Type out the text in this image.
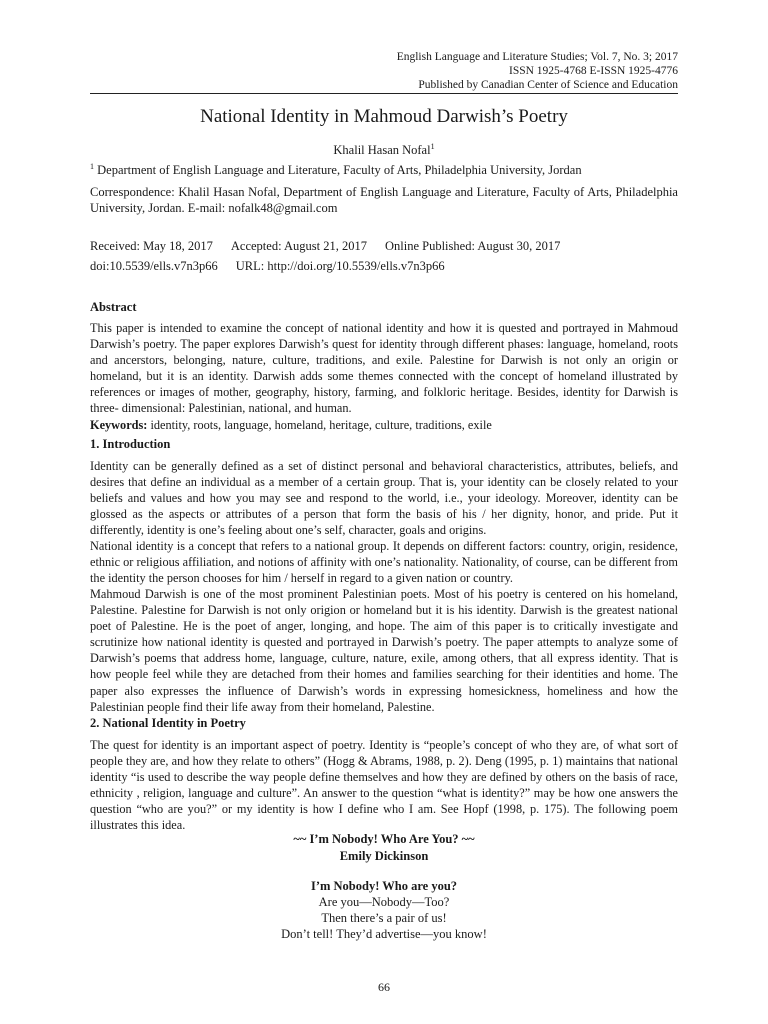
English Language and Literature Studies; Vol. 7, No. 3; 2017
ISSN 1925-4768 E-ISSN 1925-4776
Published by Canadian Center of Science and Education
National Identity in Mahmoud Darwish’s Poetry
Khalil Hasan Nofal$^1$
$^1$ Department of English Language and Literature, Faculty of Arts, Philadelphia University, Jordan
Correspondence: Khalil Hasan Nofal, Department of English Language and Literature, Faculty of Arts, Philadelphia University, Jordan. E-mail: nofalk48@gmail.com
Received: May 18, 2017 Accepted: August 21, 2017 Online Published: August 30, 2017
doi:10.5539/ells.v7n3p66 URL: http://doi.org/10.5539/ells.v7n3p66
Abstract
This paper is intended to examine the concept of national identity and how it is quested and portrayed in Mahmoud Darwish’s poetry. The paper explores Darwish’s quest for identity through different phases: language, homeland, roots and ancerstors, belonging, nature, culture, traditions, and exile. Palestine for Darwish is not only an origin or homeland, but it is an identity. Darwish adds some themes connected with the concept of homeland illustrated by references or images of mother, geography, history, farming, and folkloric heritage. Besides, identity for Darwish is three- dimensional: Palestinian, national, and human.
Keywords: identity, roots, language, homeland, heritage, culture, traditions, exile
1. Introduction
Identity can be generally defined as a set of distinct personal and behavioral characteristics, attributes, beliefs, and desires that define an individual as a member of a certain group. That is, your identity can be closely related to your beliefs and values and how you may see and respond to the world, i.e., your ideology. Moreover, identity can be glossed as the aspects or attributes of a person that form the basis of his / her dignity, honor, and pride. Put it differently, identity is one’s feeling about one’s self, character, goals and origins.
National identity is a concept that refers to a national group. It depends on different factors: country, origin, residence, ethnic or religious affiliation, and notions of affinity with one’s nationality. Nationality, of course, can be different from the identity the person chooses for him / herself in regard to a given nation or country.
Mahmoud Darwish is one of the most prominent Palestinian poets. Most of his poetry is centered on his homeland, Palestine. Palestine for Darwish is not only origion or homeland but it is his identity. Darwish is the greatest national poet of Palestine. He is the poet of anger, longing, and hope. The aim of this paper is to critically investigate and scrutinize how national identity is quested and portrayed in Darwish’s poetry. The paper attempts to analyze some of Darwish’s poems that address home, language, culture, nature, exile, among others, that all express identity. That is how people feel while they are detached from their homes and families searching for their identities and home. The paper also expresses the influence of Darwish’s words in expressing homesickness, homeliness and how the Palestinian people find their life away from their homeland, Palestine.
2. National Identity in Poetry
The quest for identity is an important aspect of poetry. Identity is “people’s concept of who they are, of what sort of people they are, and how they relate to others” (Hogg & Abrams, 1988, p. 2). Deng (1995, p. 1) maintains that national identity “is used to describe the way people define themselves and how they are defined by others on the basis of race, ethnicity , religion, language and culture”. An answer to the question “what is identity?” may be how one answers the question “who are you?” or my identity is how I define who I am. See Hopf (1998, p. 175). The following poem illustrates this idea.
~~ I’m Nobody! Who Are You? ~~
Emily Dickinson
I’m Nobody! Who are you?
Are you—Nobody—Too?
Then there’s a pair of us!
Don’t tell! They’d advertise—you know!
66
